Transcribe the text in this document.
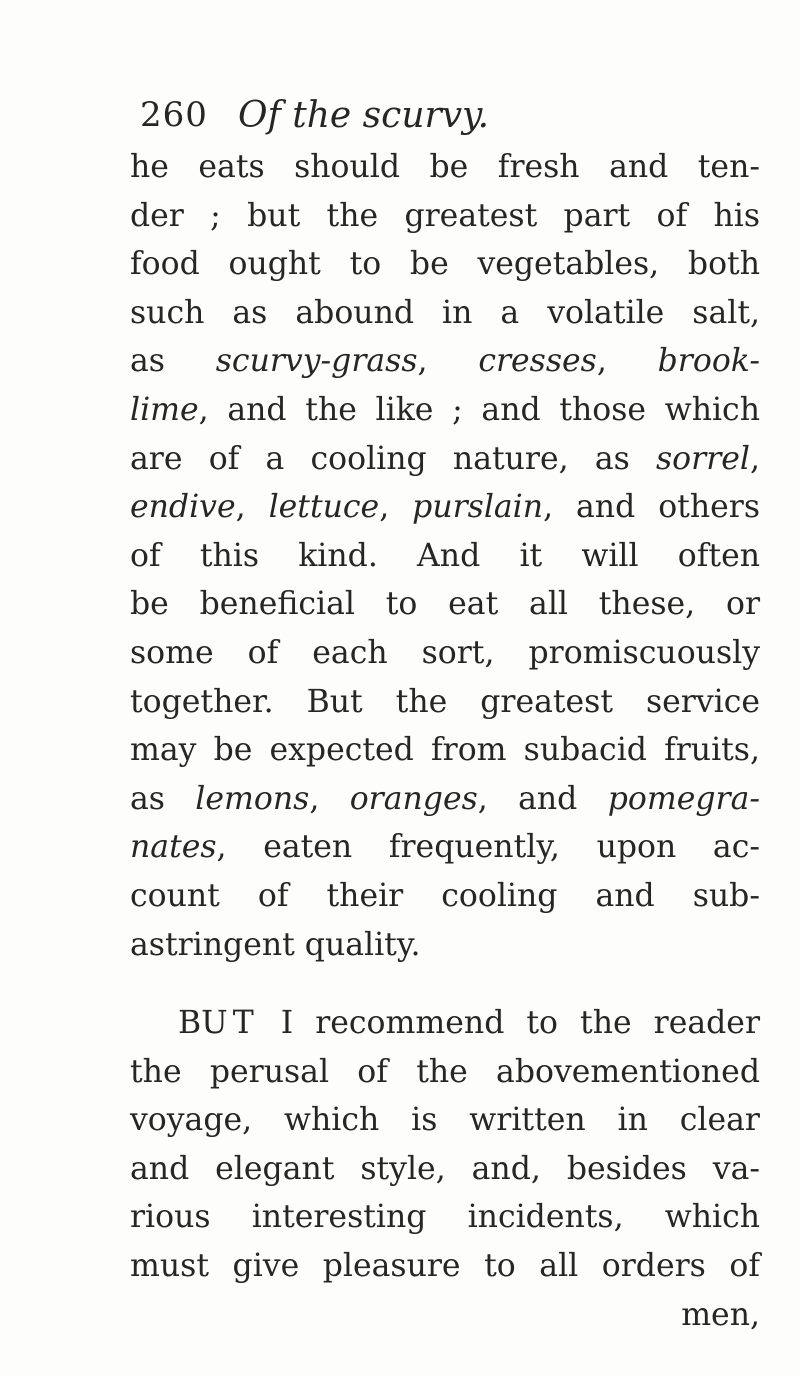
260 Of the scurvy.
he eats should be fresh and ten-
der ; but the greatest part of his
food ought to be vegetables, both
such as abound in a volatile salt,
as scurvy-grass, cresses, brook-
lime, and the like ; and those which
are of a cooling nature, as sorrel,
endive, lettuce, purslain, and others
of this kind. And it will often
be beneficial to eat all these, or
some of each sort, promiscuously
together. But the greatest service
may be expected from subacid fruits,
as lemons, oranges, and pomegra-
nates, eaten frequently, upon ac-
count of their cooling and sub-
astringent quality.
BUT I recommend to the reader
the perusal of the abovementioned
voyage, which is written in clear
and elegant style, and, besides va-
rious interesting incidents, which
must give pleasure to all orders of
men,
